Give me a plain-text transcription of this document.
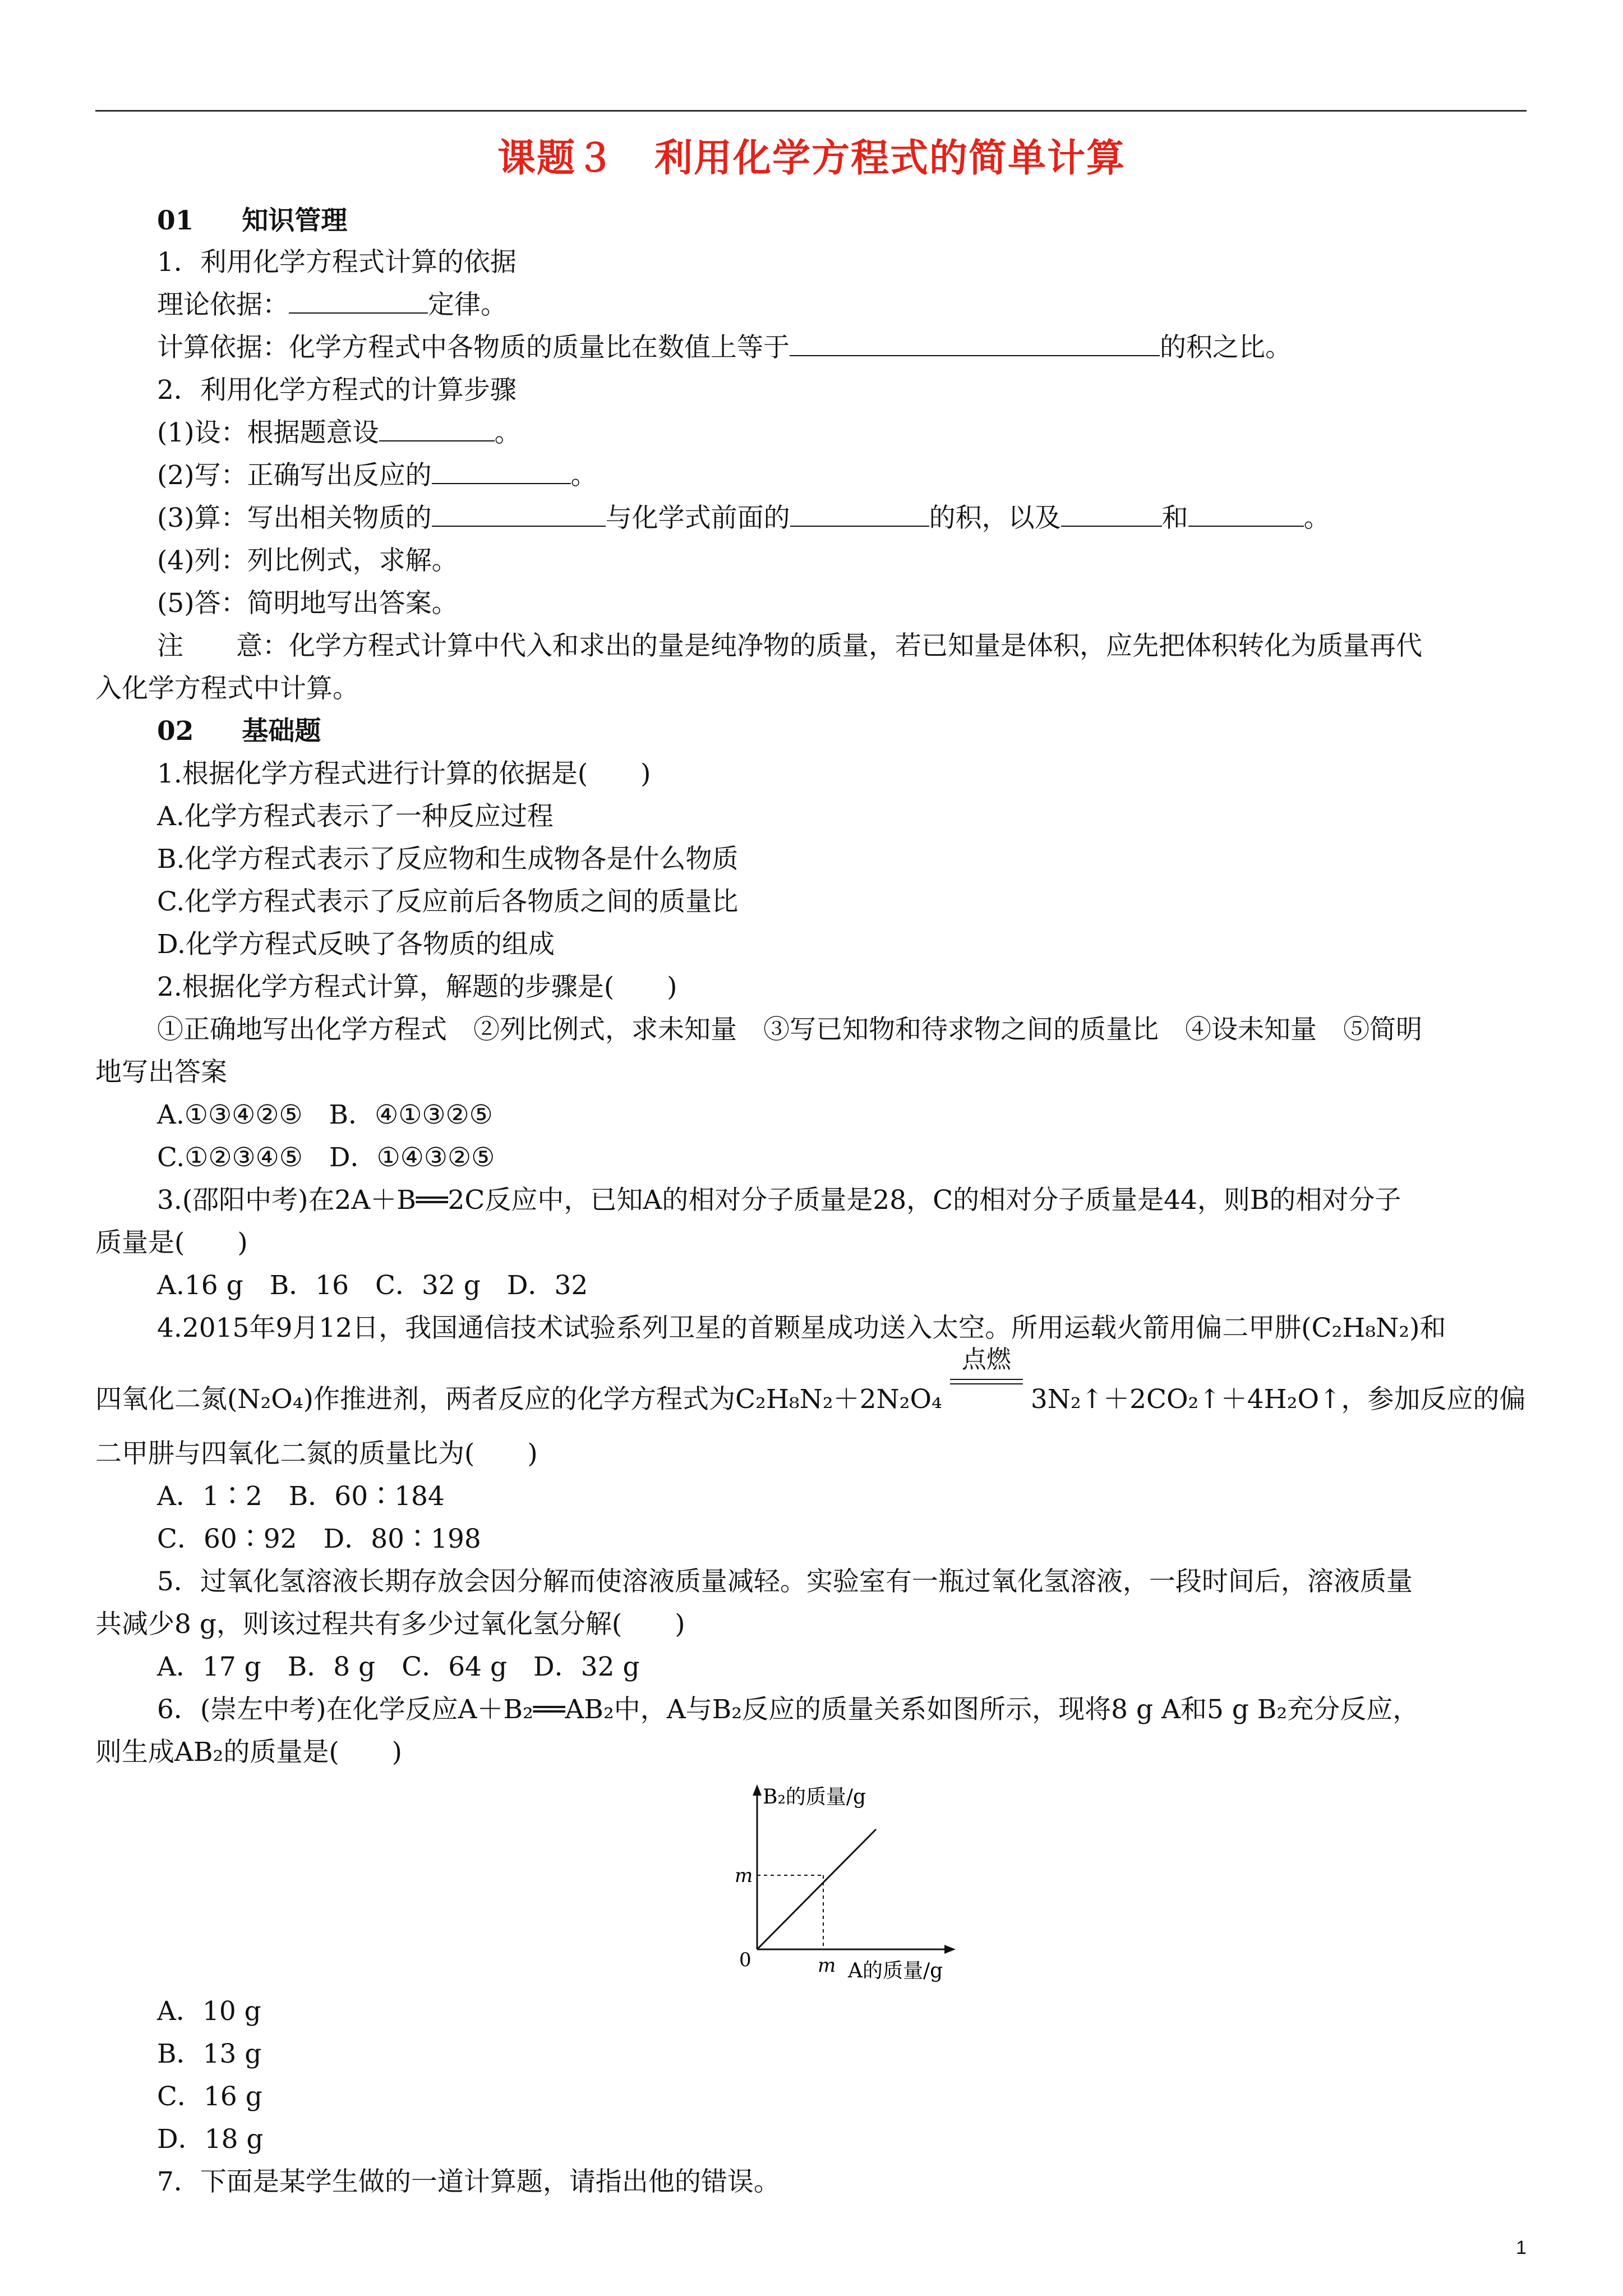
课题３　利用化学方程式的简单计算
01 知识管理
1．利用化学方程式计算的依据
理论依据：	定律。
计算依据：化学方程式中各物质的质量比在数值上等于	的积之比。
2．利用化学方程式的计算步骤
(1)设：根据题意设	。
(2)写：正确写出反应的	。
(3)算：写出相关物质的	与化学式前面的	的积，以及	和	。
(4)列：列比例式，求解。
(5)答：简明地写出答案。
注　　意：化学方程式计算中代入和求出的量是纯净物的质量，若已知量是体积，应先把体积转化为质量再代
入化学方程式中计算。
02 基础题
1.根据化学方程式进行计算的依据是(　　)
A.化学方程式表示了一种反应过程
B.化学方程式表示了反应物和生成物各是什么物质
C.化学方程式表示了反应前后各物质之间的质量比
D.化学方程式反映了各物质的组成
2.根据化学方程式计算，解题的步骤是(　　)
①正确地写出化学方程式　②列比例式，求未知量　③写已知物和待求物之间的质量比　④设未知量　⑤简明
地写出答案
A.①③④②⑤　B．④①③②⑤
C.①②③④⑤　D．①④③②⑤
3.(邵阳中考)在2A＋B══2C反应中，已知A的相对分子质量是28，C的相对分子质量是44，则B的相对分子
质量是(　　)
A.16 g　B．16　C．32 g　D．32
4.2015年9月12日，我国通信技术试验系列卫星的首颗星成功送入太空。所用运载火箭用偏二甲肼(C₂H₈N₂)和
四氧化二氮(N₂O₄)作推进剂，两者反应的化学方程式为C₂H₈N₂＋2N₂O₄
点燃
3N₂↑＋2CO₂↑＋4H₂O↑，参加反应的偏
二甲肼与四氧化二氮的质量比为(　　)
A．1∶2　B．60∶184
C．60∶92　D．80∶198
5．过氧化氢溶液长期存放会因分解而使溶液质量减轻。实验室有一瓶过氧化氢溶液，一段时间后，溶液质量
共减少8 g，则该过程共有多少过氧化氢分解(　　)
A．17 g　B．8 g　C．64 g　D．32 g
6．(崇左中考)在化学反应A＋B₂══AB₂中，A与B₂反应的质量关系如图所示，现将8 g A和5 g B₂充分反应，
则生成AB₂的质量是(　　)
B₂的质量/g
A的质量/g
0	m
m
A．10 g
B．13 g
C．16 g
D．18 g
7．下面是某学生做的一道计算题，请指出他的错误。
1
